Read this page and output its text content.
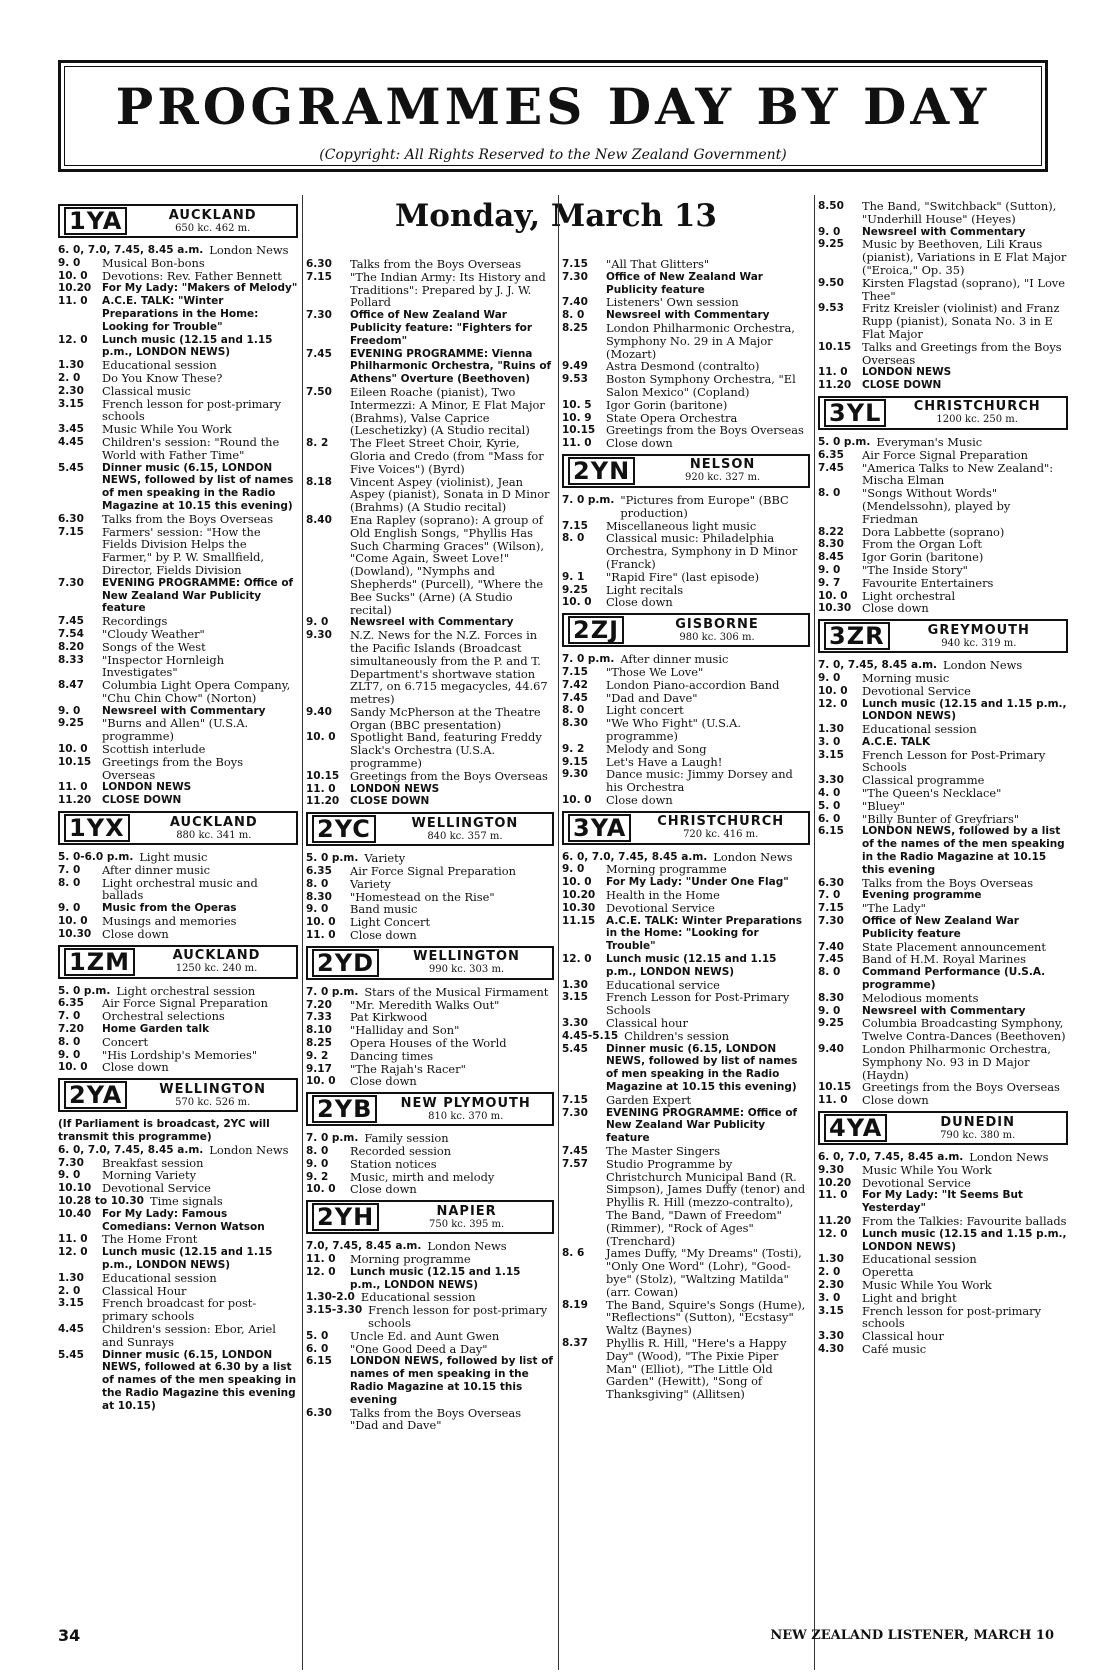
PROGRAMMES DAY BY DAY
(Copyright: All Rights Reserved to the New Zealand Government)
Monday, March 13
1YA	AUCKLAND
650 kc. 462 m.
6. 0, 7.0, 7.45, 8.45 a.m. London News
9. 0	Musical Bon-bons
10. 0	Devotions: Rev. Father Bennett
10.20	For My Lady: "Makers of Melody"
11. 0	A.C.E. TALK: "Winter Preparations in the Home: Looking for Trouble"
12. 0	Lunch music (12.15 and 1.15 p.m., LONDON NEWS)
1.30	Educational session
2. 0	Do You Know These?
2.30	Classical music
3.15	French lesson for post-primary schools
3.45	Music While You Work
4.45	Children's session: "Round the World with Father Time"
5.45	Dinner music (6.15, LONDON NEWS, followed by list of names of men speaking in the Radio Magazine at 10.15 this evening)
6.30	Talks from the Boys Overseas
7.15	Farmers' session: "How the Fields Division Helps the Farmer," by P. W. Smallfield, Director, Fields Division
7.30	EVENING PROGRAMME: Office of New Zealand War Publicity feature
7.45	Recordings
7.54	"Cloudy Weather"
8.20	Songs of the West
8.33	"Inspector Hornleigh Investigates"
8.47	Columbia Light Opera Company, "Chu Chin Chow" (Norton)
9. 0	Newsreel with Commentary
9.25	"Burns and Allen" (U.S.A. programme)
10. 0	Scottish interlude
10.15 Greetings from the Boys Overseas
11. 0	LONDON NEWS
11.20	CLOSE DOWN
1YX	AUCKLAND
880 kc. 341 m.
5. 0-6.0 p.m. Light music
7. 0	After dinner music
8. 0	Light orchestral music and ballads
9. 0	Music from the Operas
10. 0	Musings and memories
10.30 Close down
1ZM	AUCKLAND
1250 kc. 240 m.
5. 0 p.m. Light orchestral session
6.35	Air Force Signal Preparation
7. 0	Orchestral selections
7.20	Home Garden talk
8. 0	Concert
9. 0	"His Lordship's Memories"
10. 0	Close down
2YA	WELLINGTON
570 kc. 526 m.
(If Parliament is broadcast, 2YC will transmit this programme)
6. 0, 7.0, 7.45, 8.45 a.m. London News
7.30	Breakfast session
9. 0	Morning Variety
10.10 Devotional Service
10.28 to 10.30 Time signals
10.40	For My Lady: Famous Comedians: Vernon Watson
11. 0	The Home Front
12. 0	Lunch music (12.15 and 1.15 p.m., LONDON NEWS)
1.30	Educational session
2. 0	Classical Hour
3.15	French broadcast for post-primary schools
4.45	Children's session: Ebor, Ariel and Sunrays
5.45	Dinner music (6.15, LONDON NEWS, followed at 6.30 by a list of names of the men speaking in the Radio Magazine this evening at 10.15)
6.30	Talks from the Boys Overseas
7.15	"The Indian Army: Its History and Traditions": Prepared by J. J. W. Pollard
7.30	Office of New Zealand War Publicity feature: "Fighters for Freedom"
7.45	EVENING PROGRAMME: Vienna Philharmonic Orchestra, "Ruins of Athens" Overture (Beethoven)
7.50	Eileen Roache (pianist), Two Intermezzi: A Minor, E Flat Major (Brahms), Valse Caprice (Leschetizky) (A Studio recital)
8. 2	The Fleet Street Choir, Kyrie, Gloria and Credo (from "Mass for Five Voices") (Byrd)
8.18	Vincent Aspey (violinist), Jean Aspey (pianist), Sonata in D Minor (Brahms) (A Studio recital)
8.40	Ena Rapley (soprano): A group of Old English Songs, "Phyllis Has Such Charming Graces" (Wilson), "Come Again, Sweet Love!" (Dowland), "Nymphs and Shepherds" (Purcell), "Where the Bee Sucks" (Arne) (A Studio recital)
9. 0	Newsreel with Commentary
9.30	N.Z. News for the N.Z. Forces in the Pacific Islands (Broadcast simultaneously from the P. and T. Department's shortwave station ZLT7, on 6.715 megacycles, 44.67 metres)
9.40	Sandy McPherson at the Theatre Organ (BBC presentation)
10. 0	Spotlight Band, featuring Freddy Slack's Orchestra (U.S.A. programme)
10.15 Greetings from the Boys Overseas
11. 0	LONDON NEWS
11.20	CLOSE DOWN
2YC	WELLINGTON
840 kc. 357 m.
5. 0 p.m. Variety
6.35	Air Force Signal Preparation
8. 0	Variety
8.30	"Homestead on the Rise"
9. 0	Band music
10. 0	Light Concert
11. 0	Close down
2YD	WELLINGTON
990 kc. 303 m.
7. 0 p.m. Stars of the Musical Firmament
7.20	"Mr. Meredith Walks Out"
7.33	Pat Kirkwood
8.10	"Halliday and Son"
8.25	Opera Houses of the World
9. 2	Dancing times
9.17	"The Rajah's Racer"
10. 0	Close down
2YB	NEW PLYMOUTH
810 kc. 370 m.
7. 0 p.m. Family session
8. 0	Recorded session
9. 0	Station notices
9. 2	Music, mirth and melody
10. 0	Close down
2YH	NAPIER
750 kc. 395 m.
7.0, 7.45, 8.45 a.m. London News
11. 0	Morning programme
12. 0	Lunch music (12.15 and 1.15 p.m., LONDON NEWS)
1.30-2.0 Educational session
3.15-3.30 French lesson for post-primary schools
5. 0	Uncle Ed. and Aunt Gwen
6. 0	"One Good Deed a Day"
6.15	LONDON NEWS, followed by list of names of men speaking in the Radio Magazine at 10.15 this evening
6.30	Talks from the Boys Overseas
"Dad and Dave"
7.15	"All That Glitters"
7.30	Office of New Zealand War Publicity feature
7.40	Listeners' Own session
8. 0	Newsreel with Commentary
8.25	London Philharmonic Orchestra, Symphony No. 29 in A Major (Mozart)
9.49	Astra Desmond (contralto)
9.53	Boston Symphony Orchestra, "El Salon Mexico" (Copland)
10. 5	Igor Gorin (baritone)
10. 9	State Opera Orchestra
10.15 Greetings from the Boys Overseas
11. 0	Close down
2YN	NELSON
920 kc. 327 m.
7. 0 p.m. "Pictures from Europe" (BBC production)
7.15	Miscellaneous light music
8. 0	Classical music: Philadelphia Orchestra, Symphony in D Minor (Franck)
9. 1	"Rapid Fire" (last episode)
9.25	Light recitals
10. 0	Close down
2ZJ	GISBORNE
980 kc. 306 m.
7. 0 p.m. After dinner music
7.15	"Those We Love"
7.42	London Piano-accordion Band
7.45	"Dad and Dave"
8. 0	Light concert
8.30	"We Who Fight" (U.S.A. programme)
9. 2	Melody and Song
9.15	Let's Have a Laugh!
9.30	Dance music: Jimmy Dorsey and his Orchestra
10. 0	Close down
3YA	CHRISTCHURCH
720 kc. 416 m.
6. 0, 7.0, 7.45, 8.45 a.m. London News
9. 0	Morning programme
10. 0	For My Lady: "Under One Flag"
10.20 Health in the Home
10.30 Devotional Service
11.15	A.C.E. TALK: Winter Preparations in the Home: "Looking for Trouble"
12. 0	Lunch music (12.15 and 1.15 p.m., LONDON NEWS)
1.30	Educational service
3.15	French Lesson for Post-Primary Schools
3.30	Classical hour
4.45-5.15 Children's session
5.45	Dinner music (6.15, LONDON NEWS, followed by list of names of men speaking in the Radio Magazine at 10.15 this evening)
7.15	Garden Expert
7.30	EVENING PROGRAMME: Office of New Zealand War Publicity feature
7.45	The Master Singers
7.57	Studio Programme by Christchurch Municipal Band (R. Simpson), James Duffy (tenor) and Phyllis R. Hill (mezzo-contralto), The Band, "Dawn of Freedom" (Rimmer), "Rock of Ages" (Trenchard)
8. 6	James Duffy, "My Dreams" (Tosti), "Only One Word" (Lohr), "Good-bye" (Stolz), "Waltzing Matilda" (arr. Cowan)
8.19	The Band, Squire's Songs (Hume), "Reflections" (Sutton), "Ecstasy" Waltz (Baynes)
8.37	Phyllis R. Hill, "Here's a Happy Day" (Wood), "The Pixie Piper Man" (Elliot), "The Little Old Garden" (Hewitt), "Song of Thanksgiving" (Allitsen)
8.50	The Band, "Switchback" (Sutton), "Underhill House" (Heyes)
9. 0	Newsreel with Commentary
9.25	Music by Beethoven, Lili Kraus (pianist), Variations in E Flat Major ("Eroica," Op. 35)
9.50	Kirsten Flagstad (soprano), "I Love Thee"
9.53	Fritz Kreisler (violinist) and Franz Rupp (pianist), Sonata No. 3 in E Flat Major
10.15 Talks and Greetings from the Boys Overseas
11. 0	LONDON NEWS
11.20	CLOSE DOWN
3YL	CHRISTCHURCH
1200 kc. 250 m.
5. 0 p.m. Everyman's Music
6.35	Air Force Signal Preparation
7.45	"America Talks to New Zealand": Mischa Elman
8. 0	"Songs Without Words" (Mendelssohn), played by Friedman
8.22	Dora Labbette (soprano)
8.30	From the Organ Loft
8.45	Igor Gorin (baritone)
9. 0	"The Inside Story"
9. 7	Favourite Entertainers
10. 0	Light orchestral
10.30 Close down
3ZR	GREYMOUTH
940 kc. 319 m.
7. 0, 7.45, 8.45 a.m. London News
9. 0	Morning music
10. 0	Devotional Service
12. 0	Lunch music (12.15 and 1.15 p.m., LONDON NEWS)
1.30	Educational session
3. 0	A.C.E. TALK
3.15	French Lesson for Post-Primary Schools
3.30	Classical programme
4. 0	"The Queen's Necklace"
5. 0	"Bluey"
6. 0	"Billy Bunter of Greyfriars"
6.15	LONDON NEWS, followed by a list of the names of the men speaking in the Radio Magazine at 10.15 this evening
6.30	Talks from the Boys Overseas
7. 0	Evening programme
7.15	"The Lady"
7.30	Office of New Zealand War Publicity feature
7.40	State Placement announcement
7.45	Band of H.M. Royal Marines
8. 0	Command Performance (U.S.A. programme)
8.30	Melodious moments
9. 0	Newsreel with Commentary
9.25	Columbia Broadcasting Symphony, Twelve Contra-Dances (Beethoven)
9.40	London Philharmonic Orchestra, Symphony No. 93 in D Major (Haydn)
10.15 Greetings from the Boys Overseas
11. 0	Close down
4YA	DUNEDIN
790 kc. 380 m.
6. 0, 7.0, 7.45, 8.45 a.m. London News
9.30	Music While You Work
10.20 Devotional Service
11. 0	For My Lady: "It Seems But Yesterday"
11.20 From the Talkies: Favourite ballads
12. 0	Lunch music (12.15 and 1.15 p.m., LONDON NEWS)
1.30	Educational session
2. 0	Operetta
2.30	Music While You Work
3. 0	Light and bright
3.15	French lesson for post-primary schools
3.30	Classical hour
4.30	Café music
34	NEW ZEALAND LISTENER, MARCH 10
